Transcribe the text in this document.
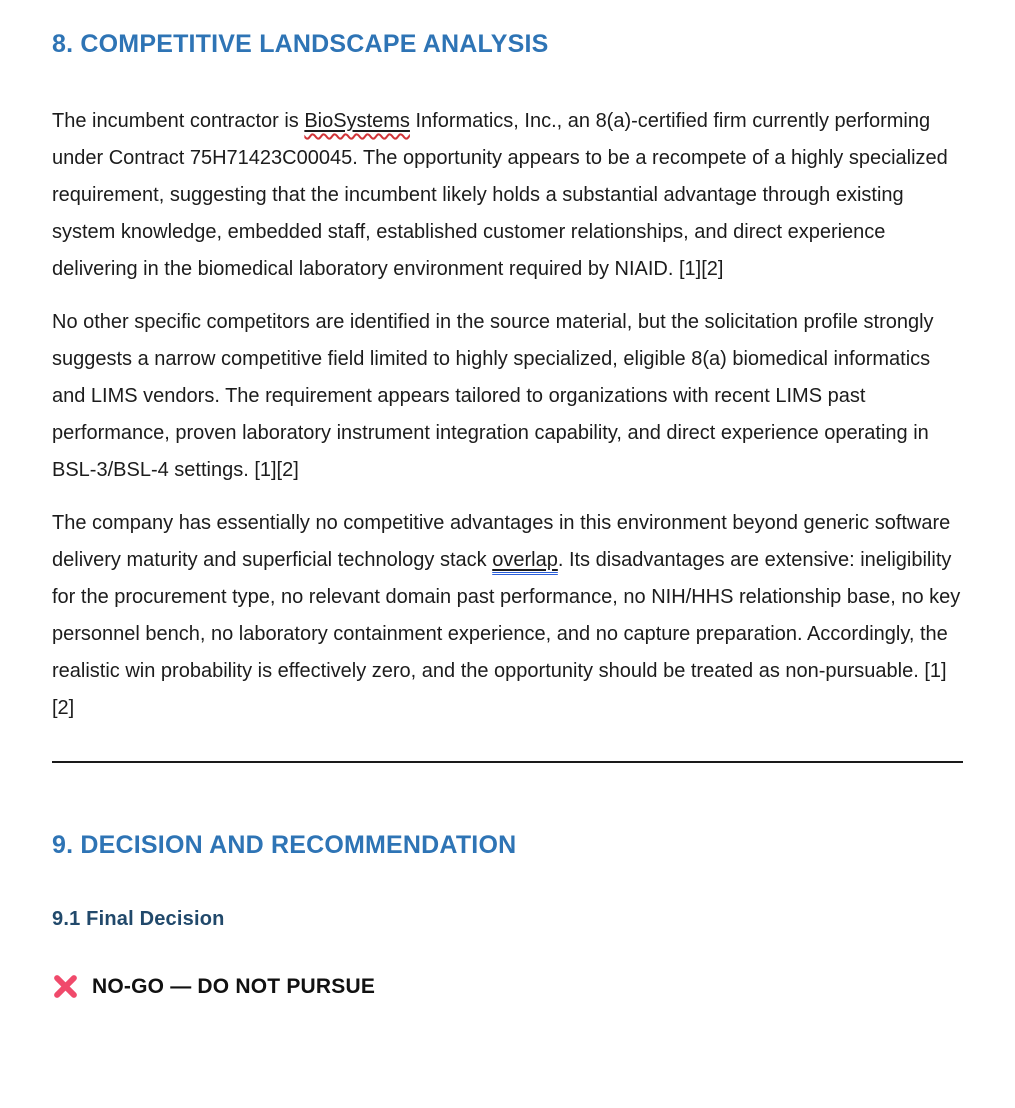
8. COMPETITIVE LANDSCAPE ANALYSIS

The incumbent contractor is BioSystems Informatics, Inc., an 8(a)-certified firm currently performing under Contract 75H71423C00045. The opportunity appears to be a recompete of a highly specialized requirement, suggesting that the incumbent likely holds a substantial advantage through existing system knowledge, embedded staff, established customer relationships, and direct experience delivering in the biomedical laboratory environment required by NIAID. [1][2]

No other specific competitors are identified in the source material, but the solicitation profile strongly suggests a narrow competitive field limited to highly specialized, eligible 8(a) biomedical informatics and LIMS vendors. The requirement appears tailored to organizations with recent LIMS past performance, proven laboratory instrument integration capability, and direct experience operating in BSL-3/BSL-4 settings. [1][2]

The company has essentially no competitive advantages in this environment beyond generic software delivery maturity and superficial technology stack overlap. Its disadvantages are extensive: ineligibility for the procurement type, no relevant domain past performance, no NIH/HHS relationship base, no key personnel bench, no laboratory containment experience, and no capture preparation. Accordingly, the realistic win probability is effectively zero, and the opportunity should be treated as non-pursuable. [1][2]

9. DECISION AND RECOMMENDATION
9.1 Final Decision
NO-GO — DO NOT PURSUE
